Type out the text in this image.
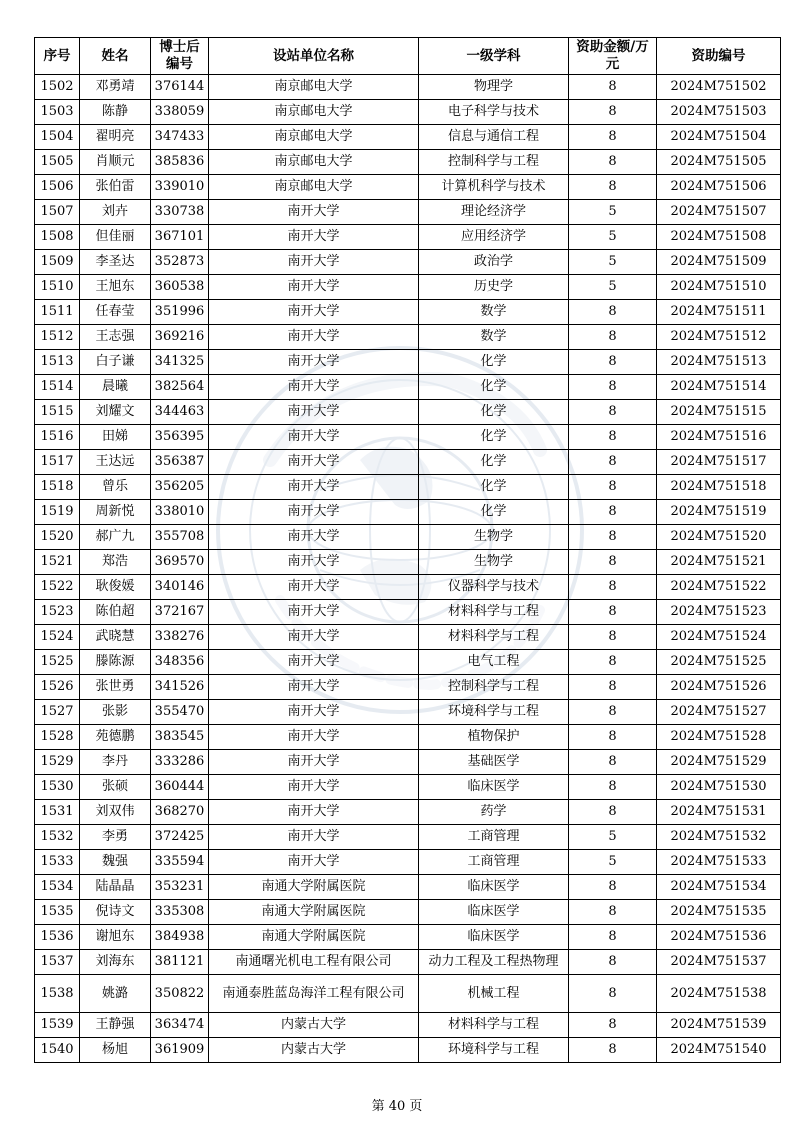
序号	姓名	博士后编号	设站单位名称	一级学科	资助金额/万元	资助编号
1502	邓勇靖	376144	南京邮电大学	物理学	8	2024M751502
1503	陈静	338059	南京邮电大学	电子科学与技术	8	2024M751503
1504	翟明亮	347433	南京邮电大学	信息与通信工程	8	2024M751504
1505	肖顺元	385836	南京邮电大学	控制科学与工程	8	2024M751505
1506	张伯雷	339010	南京邮电大学	计算机科学与技术	8	2024M751506
1507	刘卉	330738	南开大学	理论经济学	5	2024M751507
1508	但佳丽	367101	南开大学	应用经济学	5	2024M751508
1509	李圣达	352873	南开大学	政治学	5	2024M751509
1510	王旭东	360538	南开大学	历史学	5	2024M751510
1511	任春莹	351996	南开大学	数学	8	2024M751511
1512	王志强	369216	南开大学	数学	8	2024M751512
1513	白子谦	341325	南开大学	化学	8	2024M751513
1514	晨曦	382564	南开大学	化学	8	2024M751514
1515	刘耀文	344463	南开大学	化学	8	2024M751515
1516	田娣	356395	南开大学	化学	8	2024M751516
1517	王达远	356387	南开大学	化学	8	2024M751517
1518	曾乐	356205	南开大学	化学	8	2024M751518
1519	周新悦	338010	南开大学	化学	8	2024M751519
1520	郝广九	355708	南开大学	生物学	8	2024M751520
1521	郑浩	369570	南开大学	生物学	8	2024M751521
1522	耿俊媛	340146	南开大学	仪器科学与技术	8	2024M751522
1523	陈伯超	372167	南开大学	材料科学与工程	8	2024M751523
1524	武晓慧	338276	南开大学	材料科学与工程	8	2024M751524
1525	滕陈源	348356	南开大学	电气工程	8	2024M751525
1526	张世勇	341526	南开大学	控制科学与工程	8	2024M751526
1527	张影	355470	南开大学	环境科学与工程	8	2024M751527
1528	苑德鹏	383545	南开大学	植物保护	8	2024M751528
1529	李丹	333286	南开大学	基础医学	8	2024M751529
1530	张硕	360444	南开大学	临床医学	8	2024M751530
1531	刘双伟	368270	南开大学	药学	8	2024M751531
1532	李勇	372425	南开大学	工商管理	5	2024M751532
1533	魏强	335594	南开大学	工商管理	5	2024M751533
1534	陆晶晶	353231	南通大学附属医院	临床医学	8	2024M751534
1535	倪诗文	335308	南通大学附属医院	临床医学	8	2024M751535
1536	谢旭东	384938	南通大学附属医院	临床医学	8	2024M751536
1537	刘海东	381121	南通曙光机电工程有限公司	动力工程及工程热物理	8	2024M751537
1538	姚潞	350822	南通泰胜蓝岛海洋工程有限公司	机械工程	8	2024M751538
1539	王静强	363474	内蒙古大学	材料科学与工程	8	2024M751539
1540	杨旭	361909	内蒙古大学	环境科学与工程	8	2024M751540
第 40 页
